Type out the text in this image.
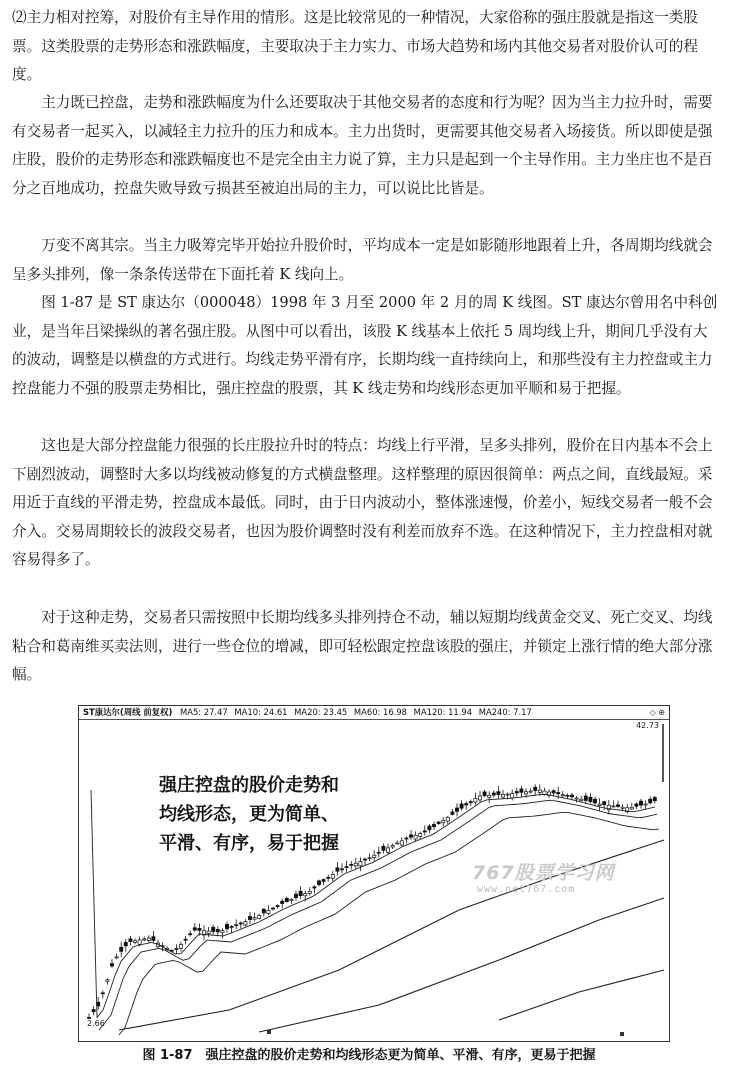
⑵主力相对控筹，对股价有主导作用的情形。这是比较常见的一种情况，大家俗称的强庄股就是指这一类股票。这类股票的走势形态和涨跌幅度，主要取决于主力实力、市场大趋势和场内其他交易者对股价认可的程度。

主力既已控盘，走势和涨跌幅度为什么还要取决于其他交易者的态度和行为呢？因为当主力拉升时，需要有交易者一起买入，以减轻主力拉升的压力和成本。主力出货时，更需要其他交易者入场接货。所以即使是强庄股，股价的走势形态和涨跌幅度也不是完全由主力说了算，主力只是起到一个主导作用。主力坐庄也不是百分之百地成功，控盘失败导致亏损甚至被迫出局的主力，可以说比比皆是。

万变不离其宗。当主力吸筹完毕开始拉升股价时，平均成本一定是如影随形地跟着上升，各周期均线就会呈多头排列，像一条条传送带在下面托着 K 线向上。

图 1-87 是 ST 康达尔（000048）1998 年 3 月至 2000 年 2 月的周 K 线图。ST 康达尔曾用名中科创业，是当年吕梁操纵的著名强庄股。从图中可以看出，该股 K 线基本上依托 5 周均线上升，期间几乎没有大的波动，调整是以横盘的方式进行。均线走势平滑有序，长期均线一直持续向上，和那些没有主力控盘或主力控盘能力不强的股票走势相比，强庄控盘的股票，其 K 线走势和均线形态更加平顺和易于把握。

这也是大部分控盘能力很强的长庄股拉升时的特点：均线上行平滑，呈多头排列，股价在日内基本不会上下剧烈波动，调整时大多以均线被动修复的方式横盘整理。这样整理的原因很简单：两点之间，直线最短。采用近于直线的平滑走势，控盘成本最低。同时，由于日内波动小，整体涨速慢，价差小，短线交易者一般不会介入。交易周期较长的波段交易者，也因为股价调整时没有利差而放弃不选。在这种情况下，主力控盘相对就容易得多了。

对于这种走势，交易者只需按照中长期均线多头排列持仓不动，辅以短期均线黄金交叉、死亡交叉、均线粘合和葛南维买卖法则，进行一些仓位的增减，即可轻松跟定控盘该股的强庄，并锁定上涨行情的绝大部分涨幅。

ST康达尔(周线 前复权) MA5: 27.47 MA10: 24.61 MA20: 23.45 MA60: 16.98 MA120: 11.94 MA240: 7.17	◇ ⊕
42.73
2.66
767股票学习网
www.net767.com
强庄控盘的股价走势和
均线形态，更为简单、
平滑、有序，易于把握
图 1-87　强庄控盘的股价走势和均线形态更为简单、平滑、有序，更易于把握
